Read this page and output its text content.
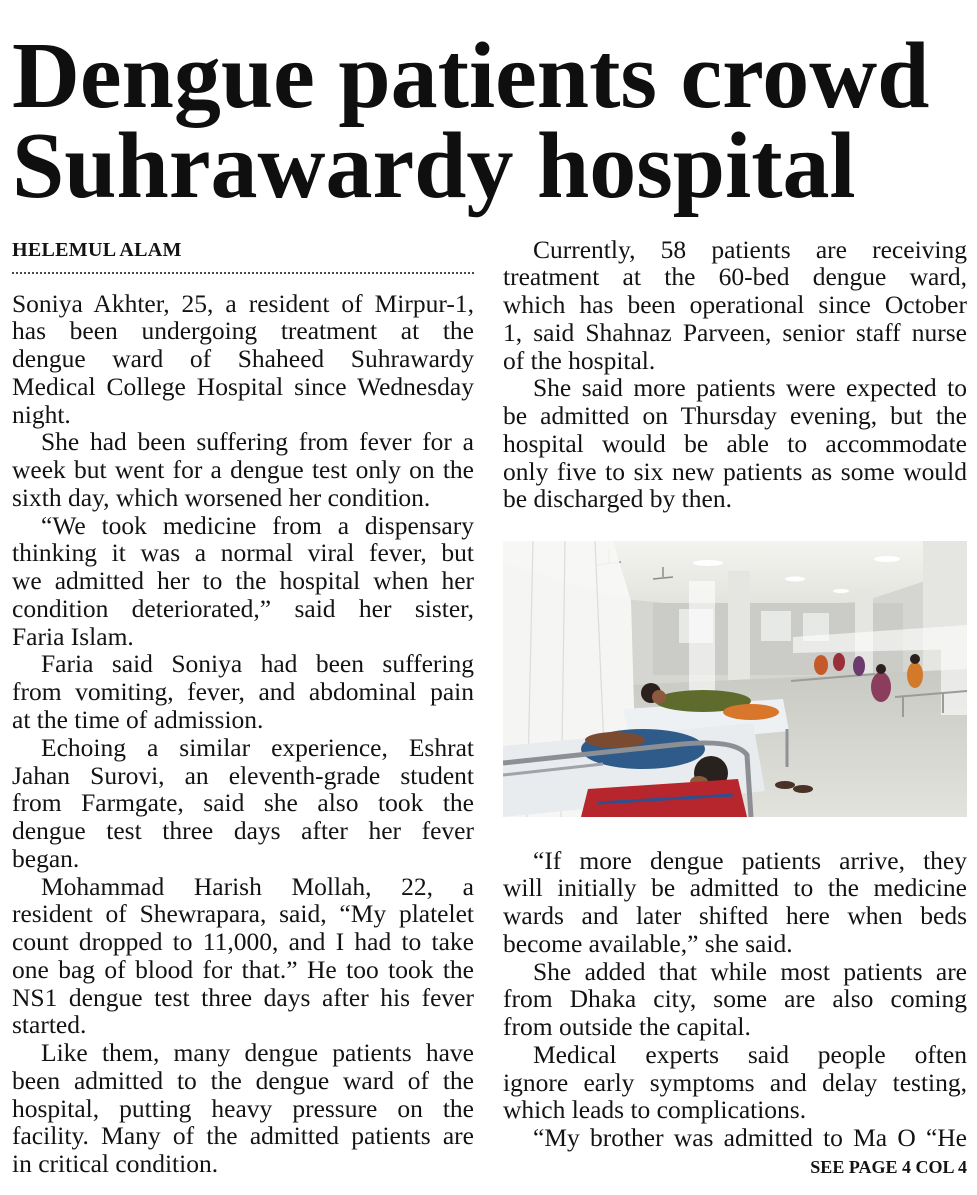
Dengue patients crowd
Suhrawardy hospital
HELEMUL ALAM
Soniya Akhter, 25, a resident of Mirpur-1,
has been undergoing treatment at the
dengue ward of Shaheed Suhrawardy
Medical College Hospital since Wednesday
night.
She had been suffering from fever for a
week but went for a dengue test only on the
sixth day, which worsened her condition.
“We took medicine from a dispensary
thinking it was a normal viral fever, but
we admitted her to the hospital when her
condition deteriorated,” said her sister,
Faria Islam.
Faria said Soniya had been suffering
from vomiting, fever, and abdominal pain
at the time of admission.
Echoing a similar experience, Eshrat
Jahan Surovi, an eleventh-grade student
from Farmgate, said she also took the
dengue test three days after her fever
began.
Mohammad Harish Mollah, 22, a
resident of Shewrapara, said, “My platelet
count dropped to 11,000, and I had to take
one bag of blood for that.” He too took the
NS1 dengue test three days after his fever
started.
Like them, many dengue patients have
been admitted to the dengue ward of the
hospital, putting heavy pressure on the
facility. Many of the admitted patients are
in critical condition.
Currently, 58 patients are receiving
treatment at the 60-bed dengue ward,
which has been operational since October
1, said Shahnaz Parveen, senior staff nurse
of the hospital.
She said more patients were expected to
be admitted on Thursday evening, but the
hospital would be able to accommodate
only five to six new patients as some would
be discharged by then.
“If more dengue patients arrive, they
will initially be admitted to the medicine
wards and later shifted here when beds
become available,” she said.
She added that while most patients are
from Dhaka city, some are also coming
from outside the capital.
Medical experts said people often
ignore early symptoms and delay testing,
which leads to complications.
“My brother was admitted to Ma O “He
SEE PAGE 4 COL 4
